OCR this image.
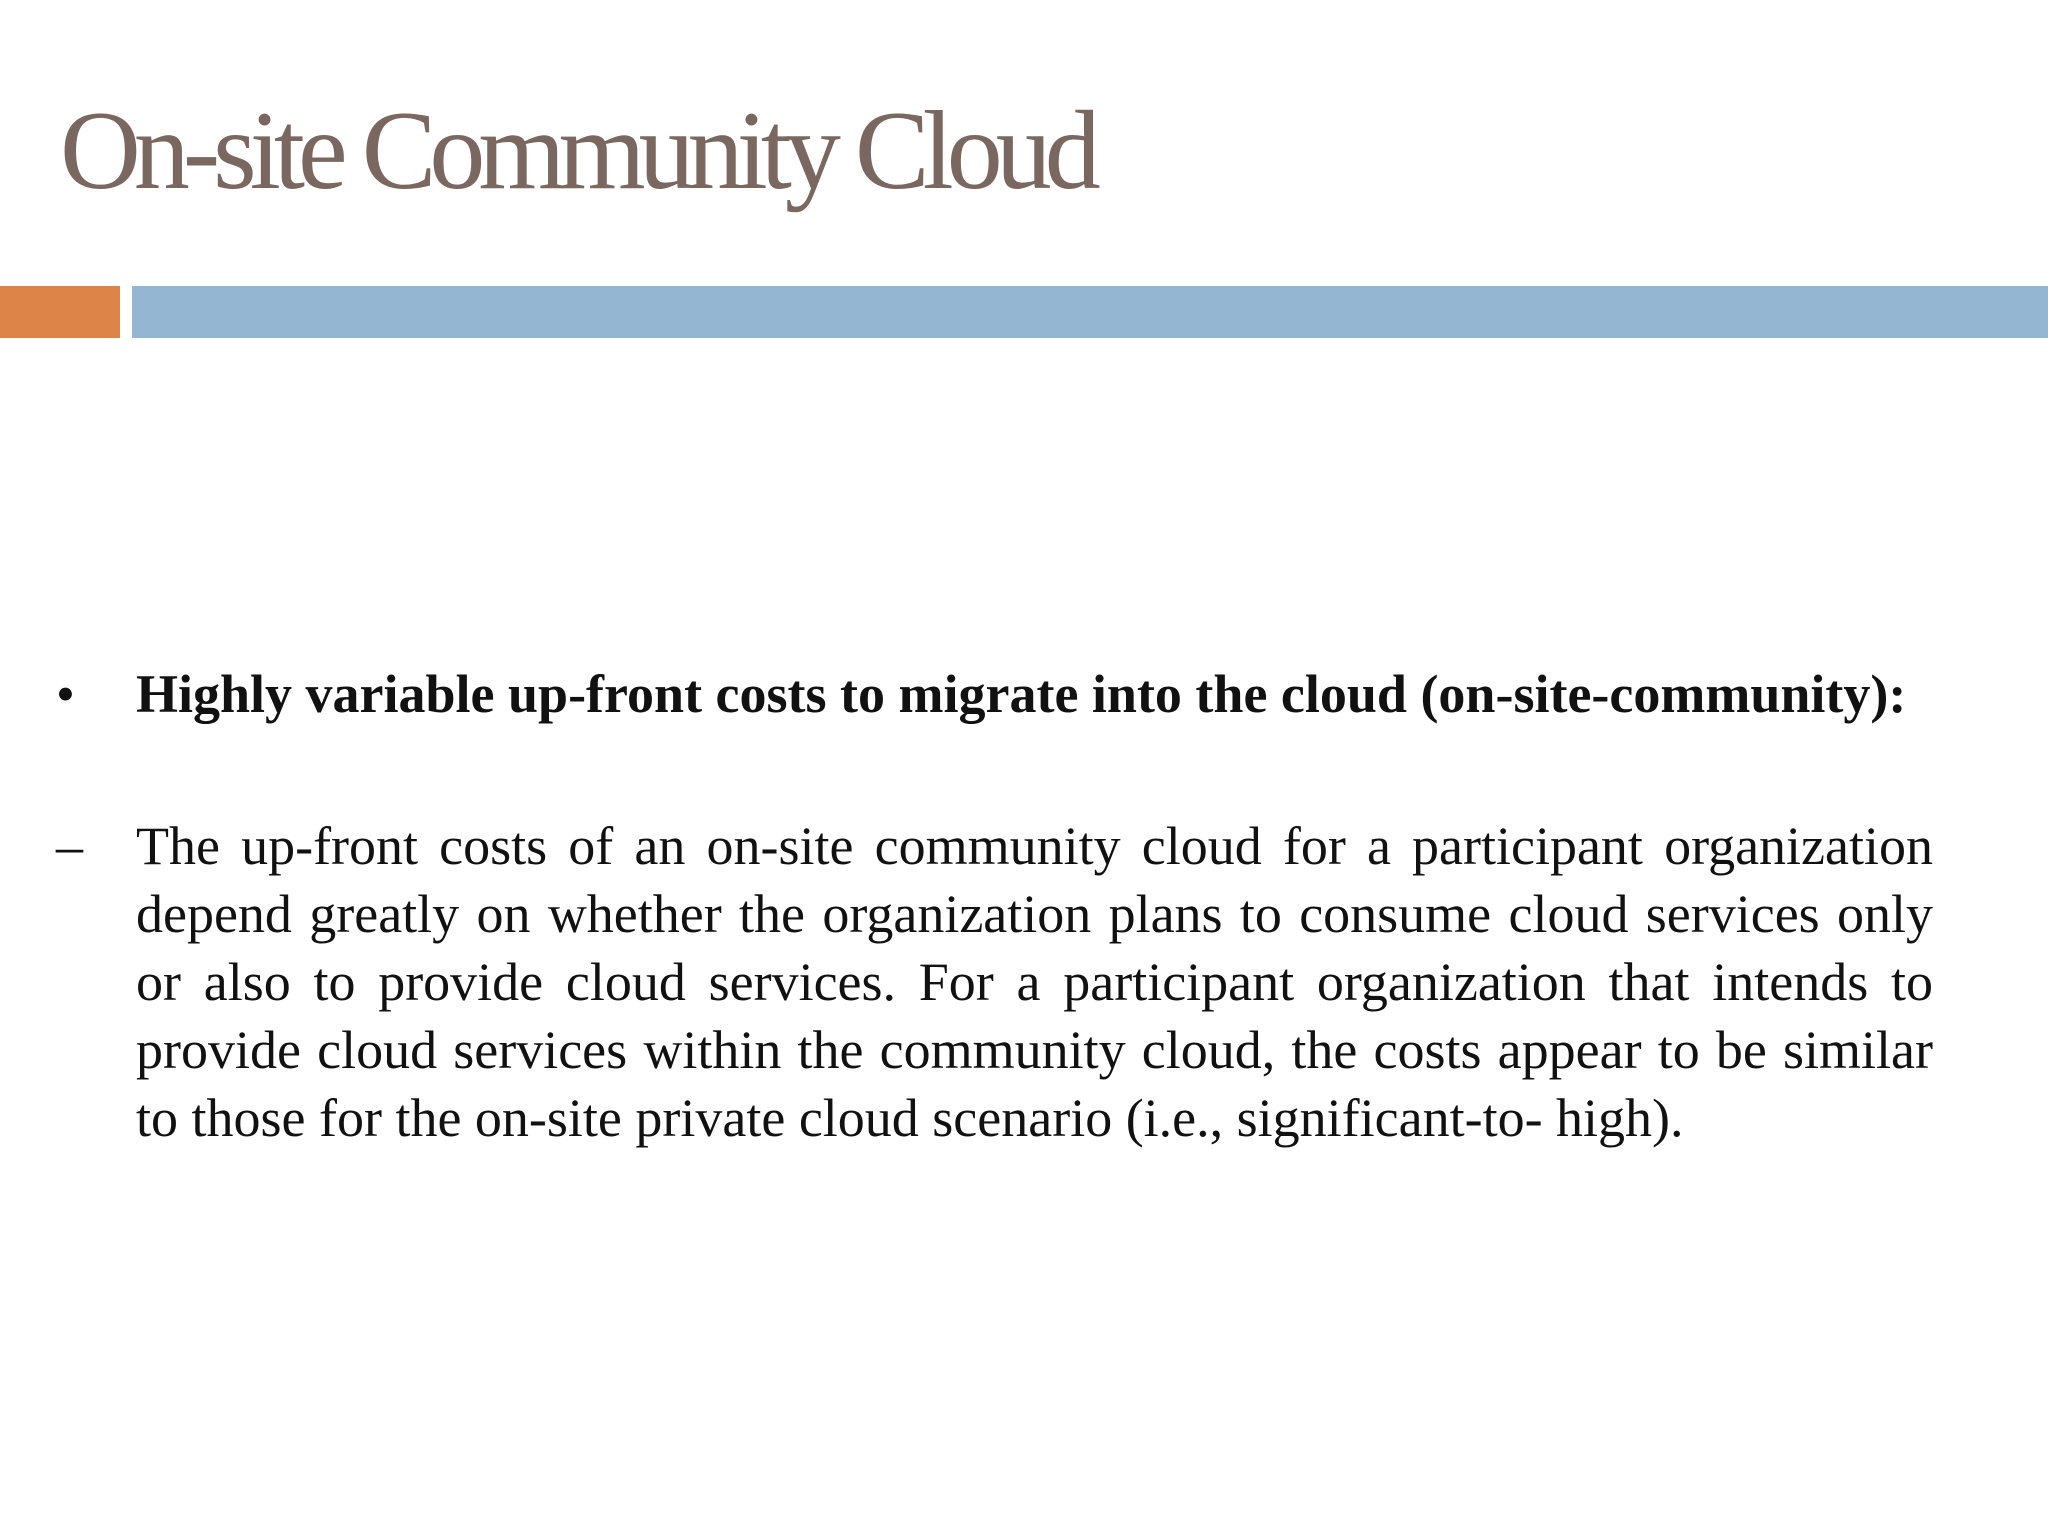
On-site Community Cloud
• Highly variable up-front costs to migrate into the cloud (on-site-community):
– The up-front costs of an on-site community cloud for a participant organization depend greatly on whether the organization plans to consume cloud services only or also to provide cloud services. For a participant organization that intends to provide cloud services within the community cloud, the costs appear to be similar to those for the on-site private cloud scenario (i.e., significant-to- high).
